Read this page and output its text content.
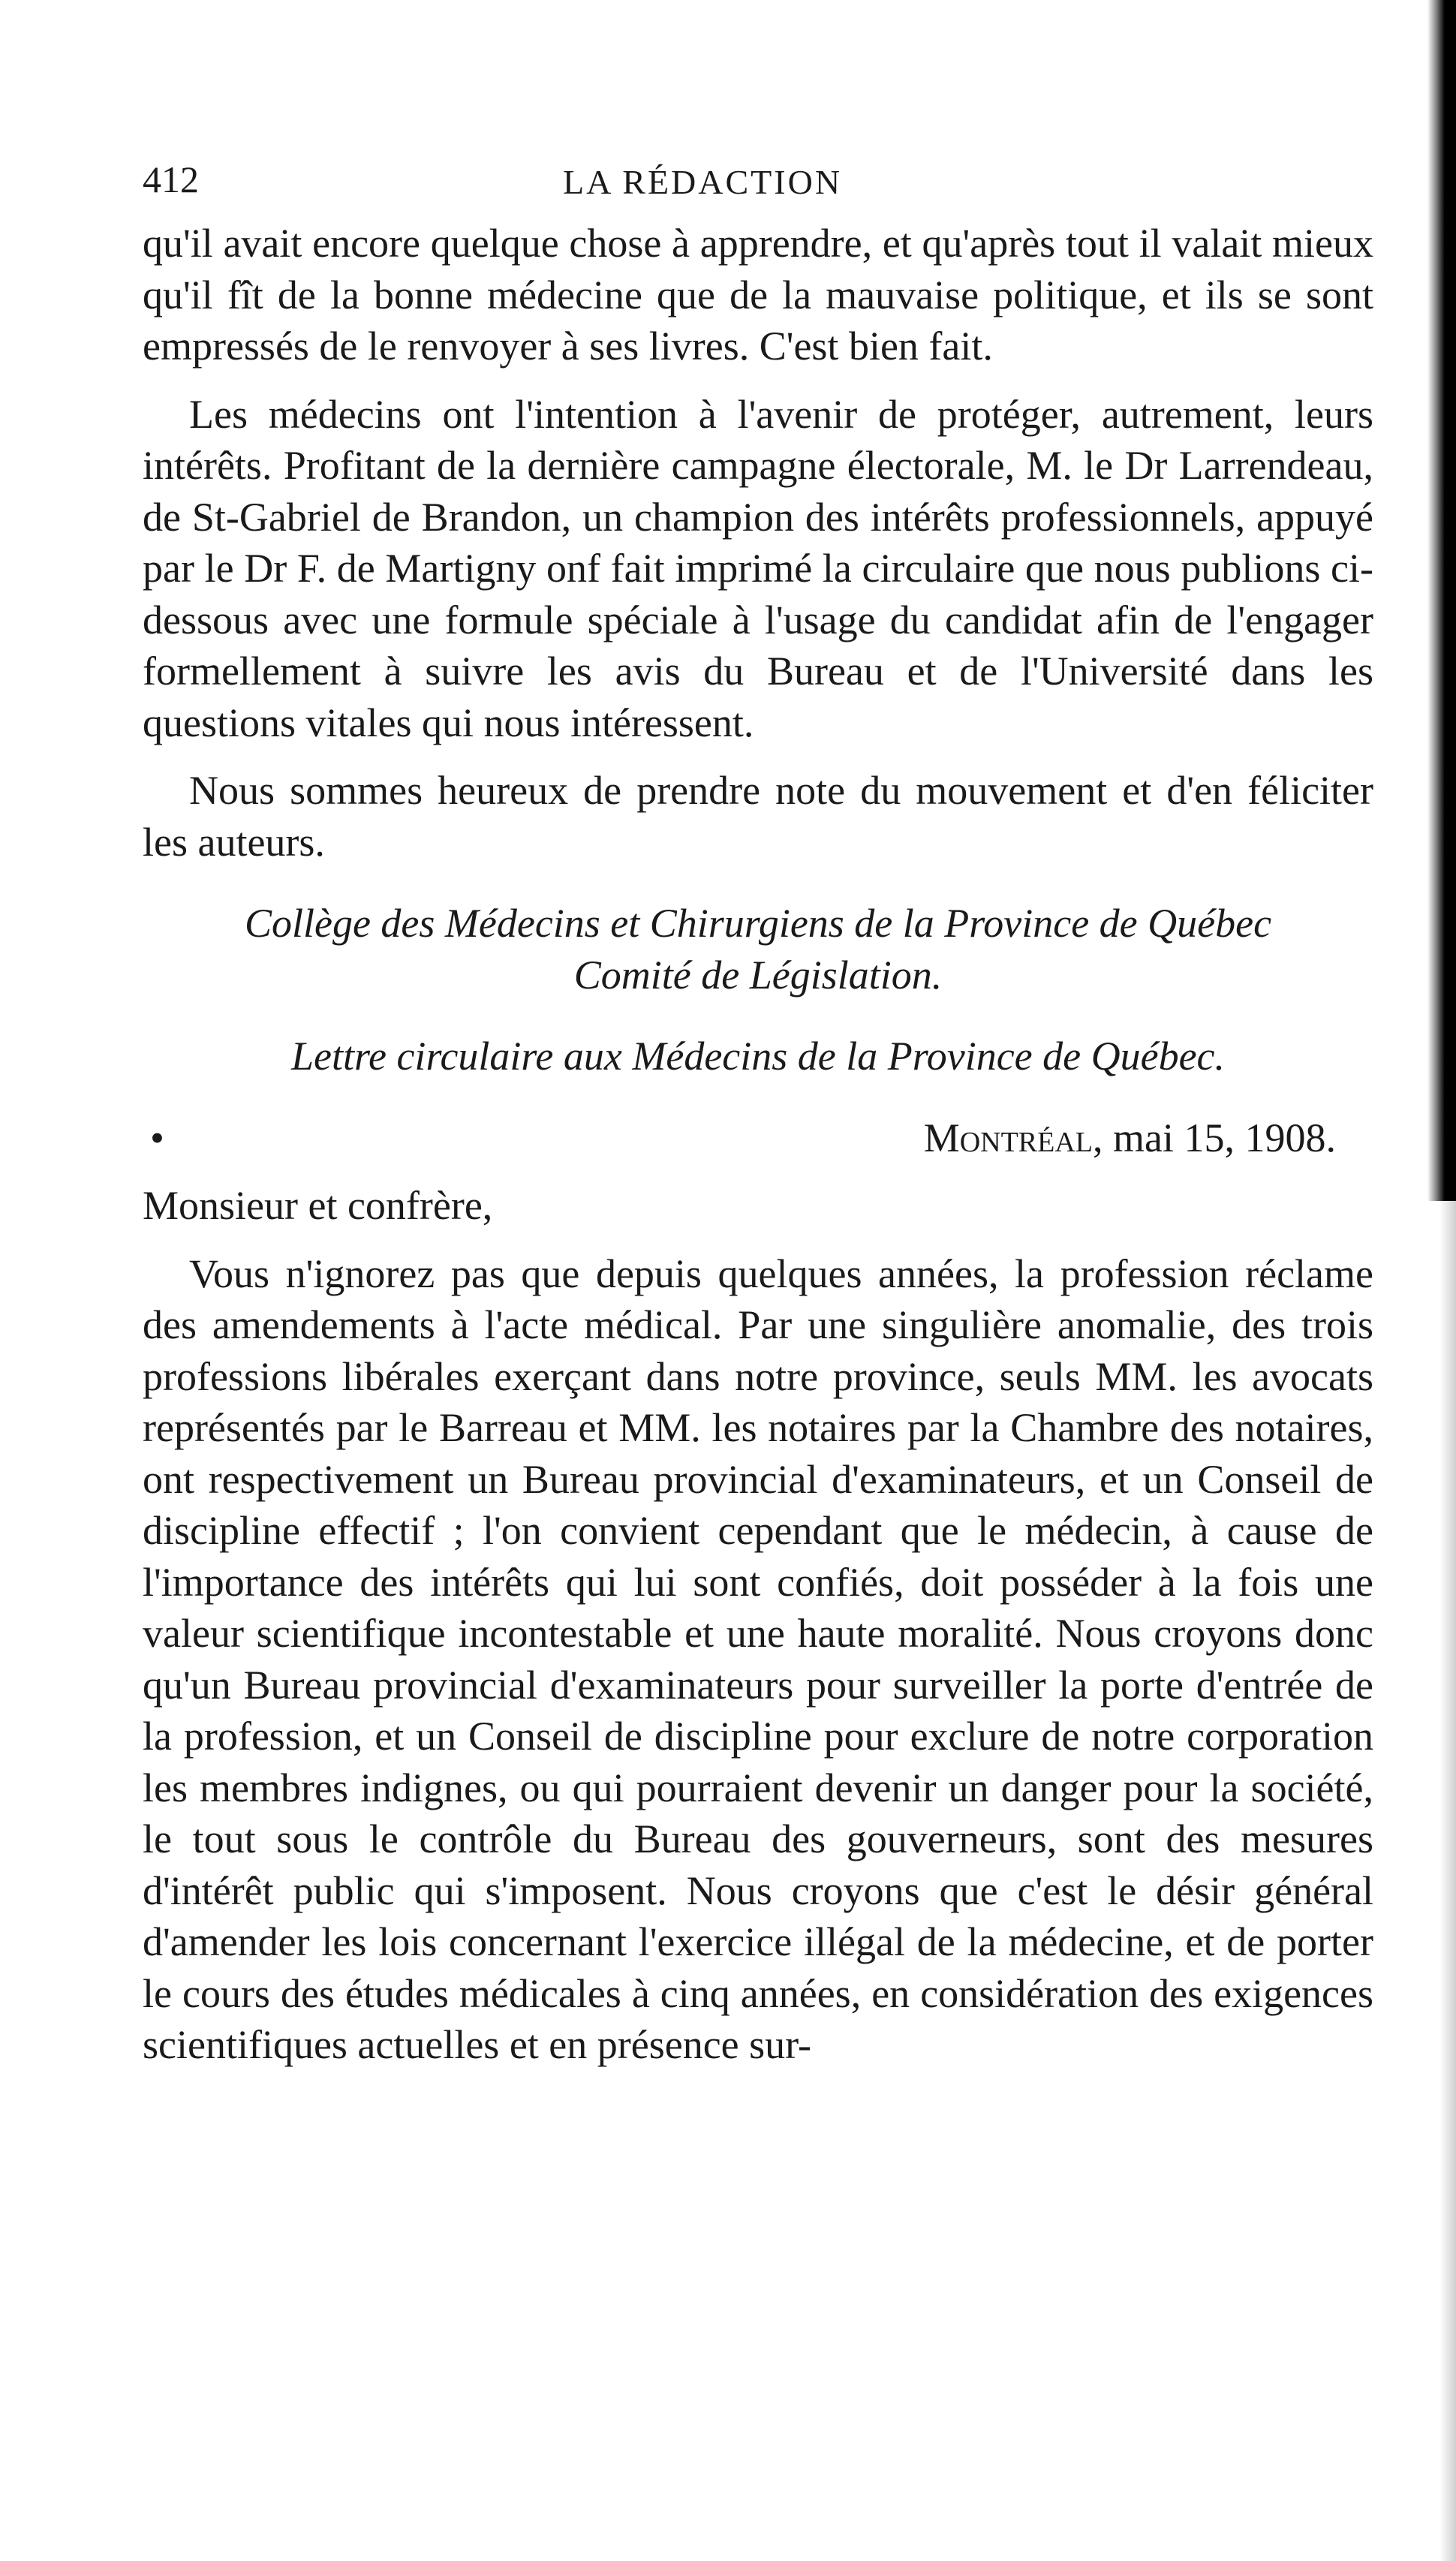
412	LA RÉDACTION

qu'il avait encore quelque chose à apprendre, et qu'après tout il valait mieux qu'il fît de la bonne médecine que de la mauvaise politique, et ils se sont empressés de le renvoyer à ses livres. C'est bien fait.

Les médecins ont l'intention à l'avenir de protéger, autrement, leurs intérêts. Profitant de la dernière campagne électorale, M. le Dr Larrendeau, de St-Gabriel de Brandon, un champion des intérêts professionnels, appuyé par le Dr F. de Martigny onf fait imprimé la circulaire que nous publions ci-dessous avec une formule spéciale à l'usage du candidat afin de l'engager formellement à suivre les avis du Bureau et de l'Université dans les questions vitales qui nous intéressent.

Nous sommes heureux de prendre note du mouvement et d'en féliciter les auteurs.

Collège des Médecins et Chirurgiens de la Province de Québec

Comité de Législation.

Lettre circulaire aux Médecins de la Province de Québec.

•	Montréal, mai 15, 1908.

Monsieur et confrère,

Vous n'ignorez pas que depuis quelques années, la profession réclame des amendements à l'acte médical. Par une singulière anomalie, des trois professions libérales exerçant dans notre province, seuls MM. les avocats représentés par le Barreau et MM. les notaires par la Chambre des notaires, ont respectivement un Bureau provincial d'examinateurs, et un Conseil de discipline effectif ; l'on convient cependant que le médecin, à cause de l'importance des intérêts qui lui sont confiés, doit posséder à la fois une valeur scientifique incontestable et une haute moralité. Nous croyons donc qu'un Bureau provincial d'examinateurs pour surveiller la porte d'entrée de la profession, et un Conseil de discipline pour exclure de notre corporation les membres indignes, ou qui pourraient devenir un danger pour la société, le tout sous le contrôle du Bureau des gouverneurs, sont des mesures d'intérêt public qui s'imposent. Nous croyons que c'est le désir général d'amender les lois concernant l'exercice illégal de la médecine, et de porter le cours des études médicales à cinq années, en considération des exigences scientifiques actuelles et en présence sur-
